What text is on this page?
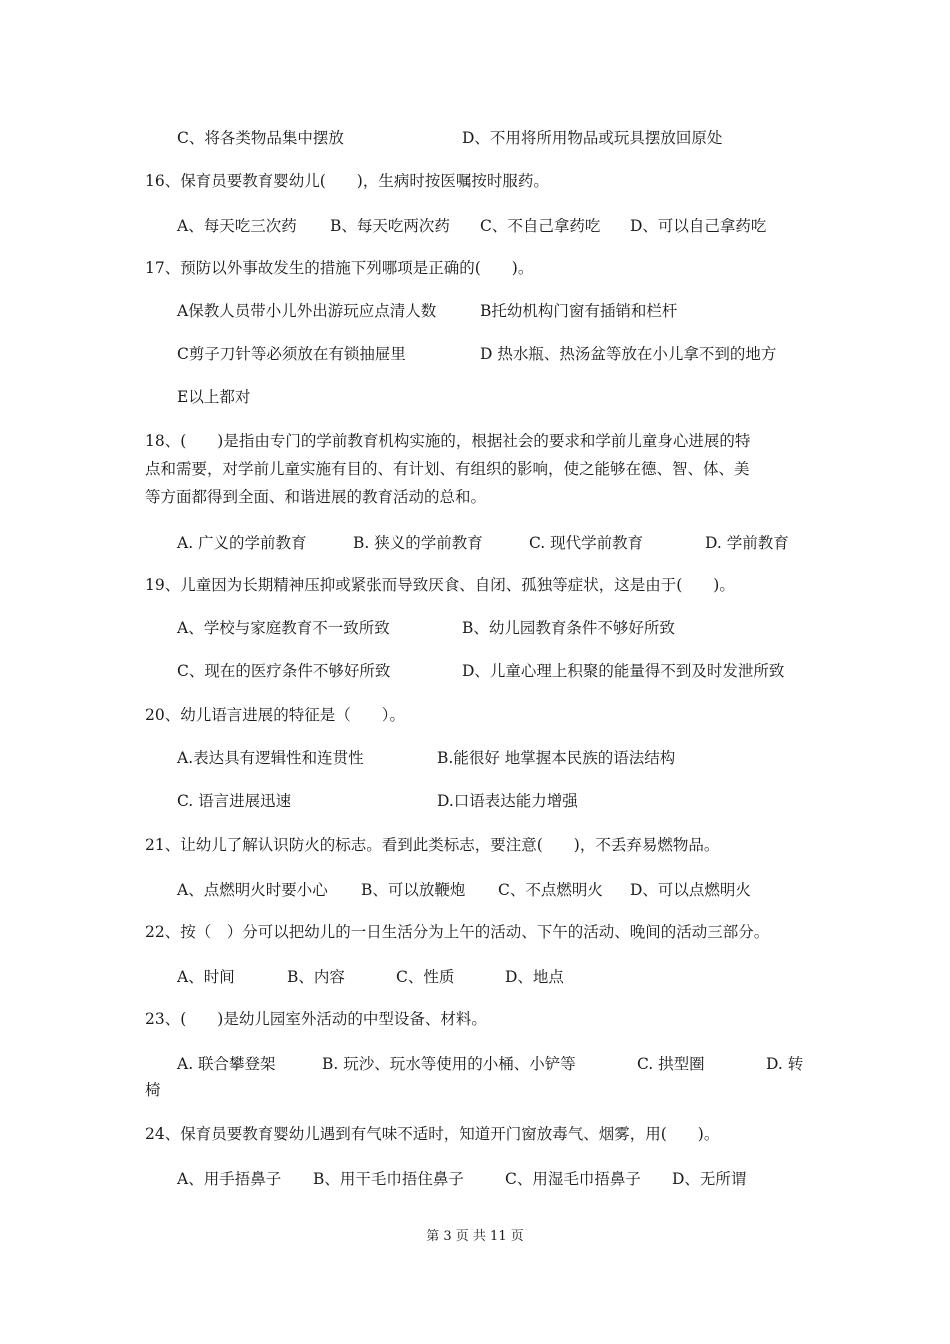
C、将各类物品集中摆放	D、不用将所用物品或玩具摆放回原处
16、保育员要教育婴幼儿(　　)，生病时按医嘱按时服药。
A、每天吃三次药 B、每天吃两次药 C、不自己拿药吃 D、可以自己拿药吃
17、预防以外事故发生的措施下列哪项是正确的(　　)。
A保教人员带小儿外出游玩应点清人数	B托幼机构门窗有插销和栏杆
C剪子刀针等必须放在有锁抽屉里	D 热水瓶、热汤盆等放在小儿拿不到的地方
E以上都对
18、(　　)是指由专门的学前教育机构实施的，根据社会的要求和学前儿童身心进展的特
点和需要，对学前儿童实施有目的、有计划、有组织的影响，使之能够在德、智、体、美
等方面都得到全面、和谐进展的教育活动的总和。
A. 广义的学前教育	B. 狭义的学前教育	C. 现代学前教育	D. 学前教育
19、儿童因为长期精神压抑或紧张而导致厌食、自闭、孤独等症状，这是由于(　　)。
A、学校与家庭教育不一致所致	B、幼儿园教育条件不够好所致
C、现在的医疗条件不够好所致	D、儿童心理上积聚的能量得不到及时发泄所致
20、幼儿语言进展的特征是（　　）。
A.表达具有逻辑性和连贯性	B.能很好 地掌握本民族的语法结构
C. 语言进展迅速	D.口语表达能力增强
21、让幼儿了解认识防火的标志。看到此类标志，要注意(　　)，不丢弃易燃物品。
A、点燃明火时要小心 B、可以放鞭炮 C、不点燃明火 D、可以点燃明火
22、按（　）分可以把幼儿的一日生活分为上午的活动、下午的活动、晚间的活动三部分。
A、时间	B、内容	C、性质	D、地点
23、(　　)是幼儿园室外活动的中型设备、材料。
A. 联合攀登架	B. 玩沙、玩水等使用的小桶、小铲等	C. 拱型圈	D. 转
椅
24、保育员要教育婴幼儿遇到有气味不适时，知道开门窗放毒气、烟雾，用(　　)。
A、用手捂鼻子 B、用干毛巾捂住鼻子	C、用湿毛巾捂鼻子 D、无所谓
第 3 页 共 11 页
